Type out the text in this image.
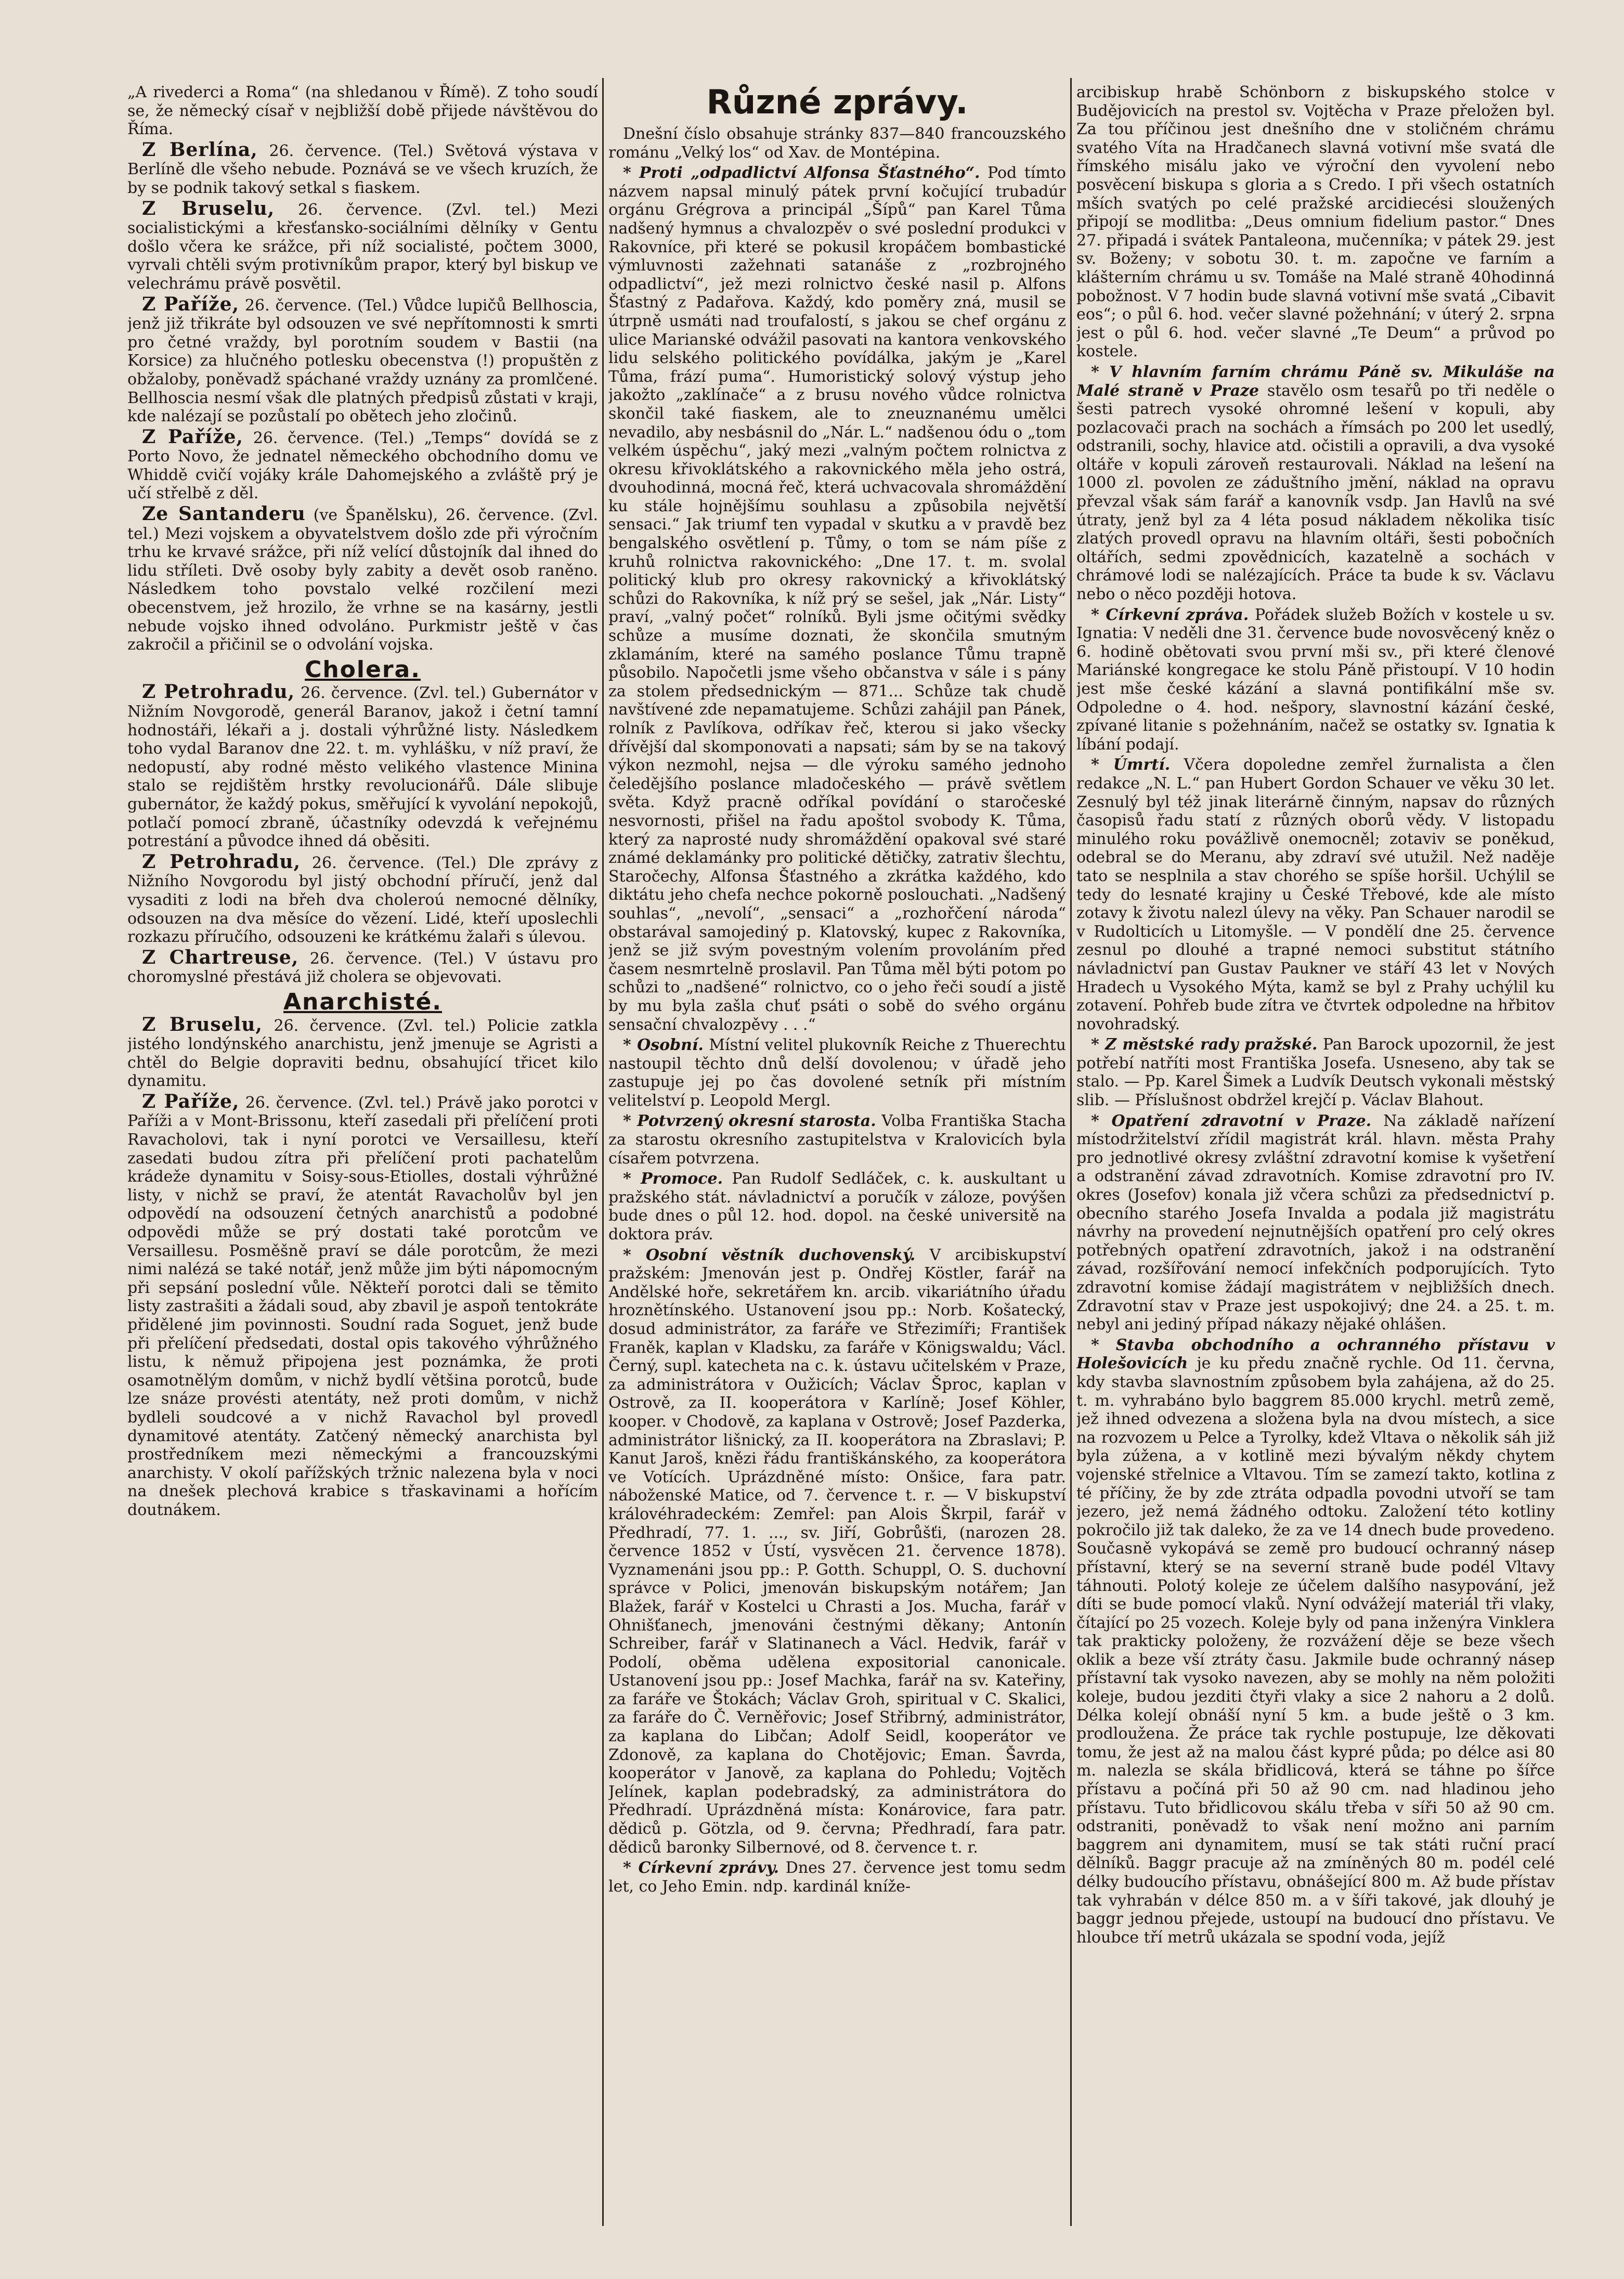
„A rivederci a Roma“ (na shledanou v Římě). Z toho soudí se, že německý císař v nejbližší době přijede návštěvou do Říma.

Z Berlína, 26. července. (Tel.) Světová výstava v Berlíně dle všeho nebude. Poznává se ve všech kruzích, že by se podnik takový setkal s fiaskem.

Z Bruselu, 26. července. (Zvl. tel.) Mezi socialistickými a křesťansko-sociálními dělníky v Gentu došlo včera ke srážce, při níž socialisté, počtem 3000, vyrvali chtěli svým protivníkům prapor, který byl biskup ve velechrámu právě posvětil.

Z Paříže, 26. července. (Tel.) Vůdce lupičů Bellhoscia, jenž již třikráte byl odsouzen ve své nepřítomnosti k smrti pro četné vraždy, byl porotním soudem v Bastii (na Korsice) za hlučného potlesku obecenstva (!) propuštěn z obžaloby, poněvadž spáchané vraždy uznány za promlčené. Bellhoscia nesmí však dle platných předpisů zůstati v kraji, kde nalézají se pozůstalí po obětech jeho zločinů.

Z Paříže, 26. července. (Tel.) „Temps“ dovídá se z Porto Novo, že jednatel německého obchodního domu ve Whiddě cvičí vojáky krále Dahomejského a zvláště prý je učí střelbě z děl.

Ze Santanderu (ve Španělsku), 26. července. (Zvl. tel.) Mezi vojskem a obyvatelstvem došlo zde při výročním trhu ke krvavé srážce, při níž velící důstojník dal ihned do lidu stříleti. Dvě osoby byly zabity a devět osob raněno. Následkem toho povstalo velké rozčilení mezi obecenstvem, jež hrozilo, že vrhne se na kasárny, jestli nebude vojsko ihned odvoláno. Purkmistr ještě v čas zakročil a přičinil se o odvolání vojska.

Cholera.

Z Petrohradu, 26. července. (Zvl. tel.) Gubernátor v Nižním Novgorodě, generál Baranov, jakož i četní tamní hodnostáři, lékaři a j. dostali výhrůžné listy. Následkem toho vydal Baranov dne 22. t. m. vyhlášku, v níž praví, že nedopustí, aby rodné město velikého vlastence Minina stalo se rejdištěm hrstky revolucionářů. Dále slibuje gubernátor, že každý pokus, směřující k vyvolání nepokojů, potlačí pomocí zbraně, účastníky odevzdá k veřejnému potrestání a původce ihned dá oběsiti.

Z Petrohradu, 26. července. (Tel.) Dle zprávy z Nižního Novgorodu byl jistý obchodní příručí, jenž dal vysaditi z lodi na břeh dva choleroú nemocné dělníky, odsouzen na dva měsíce do vězení. Lidé, kteří uposlechli rozkazu příručího, odsouzeni ke krátkému žalaři s úlevou.

Z Chartreuse, 26. července. (Tel.) V ústavu pro choromyslné přestává již cholera se objevovati.

Anarchisté.

Z Bruselu, 26. července. (Zvl. tel.) Policie zatkla jistého londýnského anarchistu, jenž jmenuje se Agristi a chtěl do Belgie dopraviti bednu, obsahující třicet kilo dynamitu.

Z Paříže, 26. července. (Zvl. tel.) Právě jako porotci v Paříži a v Mont-Brissonu, kteří zasedali při přelíčení proti Ravacholovi, tak i nyní porotci ve Versaillesu, kteří zasedati budou zítra při přelíčení proti pachatelům krádeže dynamitu v Soisy-sous-Etiolles, dostali výhrůžné listy, v nichž se praví, že atentát Ravacholův byl jen odpovědí na odsouzení četných anarchistů a podobné odpovědi může se prý dostati také porotcům ve Versaillesu. Posměšně praví se dále porotcům, že mezi nimi nalézá se také notář, jenž může jim býti nápomocným při sepsání poslední vůle. Někteří porotci dali se těmito listy zastrašiti a žádali soud, aby zbavil je aspoň tentokráte přidělené jim povinnosti. Soudní rada Soguet, jenž bude při přelíčení předsedati, dostal opis takového výhrůžného listu, k němuž připojena jest poznámka, že proti osamotnělým domům, v nichž bydlí většina porotců, bude lze snáze provésti atentáty, než proti domům, v nichž bydleli soudcové a v nichž Ravachol byl provedl dynamitové atentáty. Zatčený německý anarchista byl prostředníkem mezi německými a francouzskými anarchisty. V okolí pařížských tržnic nalezena byla v noci na dnešek plechová krabice s třaskavinami a hořícím doutnákem.

Různé zprávy.

Dnešní číslo obsahuje stránky 837—840 francouzského románu „Velký los“ od Xav. de Montépina.

* Proti „odpadlictví Alfonsa Šťastného“. Pod tímto názvem napsal minulý pátek první kočující trubadúr orgánu Grégrova a principál „Šípů“ pan Karel Tůma nadšený hymnus a chvalozpěv o své poslední produkci v Rakovníce, při které se pokusil kropáčem bombastické výmluvnosti zažehnati satanáše z „rozbrojného odpadlictví“, jež mezi rolnictvo české nasil p. Alfons Šťastný z Padařova. Každý, kdo poměry zná, musil se útrpně usmáti nad troufalostí, s jakou se chef orgánu z ulice Marianské odvážil pasovati na kantora venkovského lidu selského politického povídálka, jakým je „Karel Tůma, frází puma“. Humoristický solový výstup jeho jakožto „zaklínače“ a z brusu nového vůdce rolnictva skončil také fiaskem, ale to zneuznanému umělci nevadilo, aby nesbásnil do „Nár. L.“ nadšenou ódu o „tom velkém úspěchu“, jaký mezi „valným počtem rolnictva z okresu křivoklátského a rakovnického měla jeho ostrá, dvouhodinná, mocná řeč, která uchvacovala shromáždění ku stále hojnějšímu souhlasu a způsobila největší sensaci.“ Jak triumf ten vypadal v skutku a v pravdě bez bengalského osvětlení p. Tůmy, o tom se nám píše z kruhů rolnictva rakovnického: „Dne 17. t. m. svolal politický klub pro okresy rakovnický a křivoklátský schůzi do Rakovníka, k níž prý se sešel, jak „Nár. Listy“ praví, „valný počet“ rolníků. Byli jsme očitými svědky schůze a musíme doznati, že skončila smutným zklamáním, které na samého poslance Tůmu trapně působilo. Napočetli jsme všeho občanstva v sále i s pány za stolem předsednickým — 871... Schůze tak chudě navštívené zde nepamatujeme. Schůzi zahájil pan Pánek, rolník z Pavlíkova, odříkav řeč, kterou si jako všecky dřívější dal skomponovati a napsati; sám by se na takový výkon nezmohl, nejsa — dle výroku samého jednoho čeledějšího poslance mladočeského — právě světlem světa. Když pracně odříkal povídání o staročeské nesvornosti, přišel na řadu apoštol svobody K. Tůma, který za naprosté nudy shromáždění opakoval své staré známé deklamánky pro politické dětičky, zatrativ šlechtu, Staročechy, Alfonsa Šťastného a zkrátka každého, kdo diktátu jeho chefa nechce pokorně poslouchati. „Nadšený souhlas“, „nevolí“, „sensaci“ a „rozhořčení národa“ obstarával samojediný p. Klatovský, kupec z Rakovníka, jenž se již svým povestným volením provoláním před časem nesmrtelně proslavil. Pan Tůma měl býti potom po schůzi to „nadšené“ rolnictvo, co o jeho řeči soudí a jistě by mu byla zašla chuť psáti o sobě do svého orgánu sensační chvalozpěvy . . .“

* Osobní. Místní velitel plukovník Reiche z Thuerechtu nastoupil těchto dnů delší dovolenou; v úřadě jeho zastupuje jej po čas dovolené setník při místním velitelství p. Leopold Mergl.

* Potvrzený okresní starosta. Volba Františka Stacha za starostu okresního zastupitelstva v Kralovicích byla císařem potvrzena.

* Promoce. Pan Rudolf Sedláček, c. k. auskultant u pražského stát. návladnictví a poručík v záloze, povýšen bude dnes o půl 12. hod. dopol. na české universitě na doktora práv.

* Osobní věstník duchovenský. V arcibiskupství pražském: Jmenován jest p. Ondřej Köstler, farář na Andělské hoře, sekretářem kn. arcib. vikariátního úřadu hroznětínského. Ustanovení jsou pp.: Norb. Košatecký, dosud administrátor, za faráře ve Střezimíři; František Franěk, kaplan v Kladsku, za faráře v Königswaldu; Václ. Černý, supl. katecheta na c. k. ústavu učitelském v Praze, za administrátora v Oužicích; Václav Šproc, kaplan v Ostrově, za II. kooperátora v Karlíně; Josef Köhler, kooper. v Chodově, za kaplana v Ostrově; Josef Pazderka, administrátor lišnický, za II. kooperátora na Zbraslavi; P. Kanut Jaroš, knězi řádu františkánského, za kooperátora ve Votících. Uprázdněné místo: Onšice, fara patr. náboženské Matice, od 7. července t. r. — V biskupství královéhradeckém: Zemřel: pan Alois Škrpil, farář v Předhradí, 77. 1. ..., sv. Jiří, Gobrůšťi, (narozen 28. července 1852 v Ústí, vysvěcen 21. července 1878). Vyznamenáni jsou pp.: P. Gotth. Schuppl, O. S. duchovní správce v Polici, jmenován biskupským notářem; Jan Blažek, farář v Kostelci u Chrasti a Jos. Mucha, farář v Ohnišťanech, jmenováni čestnými děkany; Antonín Schreiber, farář v Slatinanech a Václ. Hedvik, farář v Podolí, oběma udělena expositorial canonicale. Ustanovení jsou pp.: Josef Machka, farář na sv. Kateřiny, za faráře ve Štokách; Václav Groh, spiritual v C. Skalici, za faráře do Č. Verněřovic; Josef Střibrný, administrátor, za kaplana do Libčan; Adolf Seidl, kooperátor ve Zdonově, za kaplana do Chotějovic; Eman. Šavrda, kooperátor v Janově, za kaplana do Pohledu; Vojtěch Jelínek, kaplan podebradský, za administrátora do Předhradí. Uprázdněná místa: Konárovice, fara patr. dědiců p. Götzla, od 9. června; Předhradí, fara patr. dědiců baronky Silbernové, od 8. července t. r.

* Církevní zprávy. Dnes 27. července jest tomu sedm let, co Jeho Emin. ndp. kardinál kníže-

arcibiskup hrabě Schönborn z biskupského stolce v Budějovicích na prestol sv. Vojtěcha v Praze přeložen byl. Za tou příčinou jest dnešního dne v stoličném chrámu svatého Víta na Hradčanech slavná votivní mše svatá dle římského misálu jako ve výroční den vyvolení nebo posvěcení biskupa s gloria a s Credo. I při všech ostatních mších svatých po celé pražské arcidiecési sloužených připojí se modlitba: „Deus omnium fidelium pastor.“ Dnes 27. připadá i svátek Pantaleona, mučenníka; v pátek 29. jest sv. Boženy; v sobotu 30. t. m. započne ve farním a klášterním chrámu u sv. Tomáše na Malé straně 40hodinná pobožnost. V 7 hodin bude slavná votivní mše svatá „Cibavit eos“; o půl 6. hod. večer slavné požehnání; v úterý 2. srpna jest o půl 6. hod. večer slavné „Te Deum“ a průvod po kostele.

* V hlavním farním chrámu Páně sv. Mikuláše na Malé straně v Praze stavělo osm tesařů po tři neděle o šesti patrech vysoké ohromné lešení v kopuli, aby pozlacovači prach na sochách a římsách po 200 let usedlý, odstranili, sochy, hlavice atd. očistili a opravili, a dva vysoké oltáře v kopuli zároveň restaurovali. Náklad na lešení na 1000 zl. povolen ze záduštního jmění, náklad na opravu převzal však sám farář a kanovník vsdp. Jan Havlů na své útraty, jenž byl za 4 léta posud nákladem několika tisíc zlatých provedl opravu na hlavním oltáři, šesti pobočních oltářích, sedmi zpovědnicích, kazatelně a sochách v chrámové lodi se nalézajících. Práce ta bude k sv. Václavu nebo o něco později hotova.

* Církevní zpráva. Pořádek služeb Božích v kostele u sv. Ignatia: V neděli dne 31. července bude novosvěcený kněz o 6. hodině obětovati svou první mši sv., při které členové Mariánské kongregace ke stolu Páně přistoupí. V 10 hodin jest mše české kázání a slavná pontifikální mše sv. Odpoledne o 4. hod. nešpory, slavnostní kázání české, zpívané litanie s požehnáním, načež se ostatky sv. Ignatia k líbání podají.

* Úmrtí. Včera dopoledne zemřel žurnalista a člen redakce „N. L.“ pan Hubert Gordon Schauer ve věku 30 let. Zesnulý byl též jinak literárně činným, napsav do různých časopisů řadu statí z různých oborů vědy. V listopadu minulého roku povážlivě onemocněl; zotaviv se poněkud, odebral se do Meranu, aby zdraví své utužil. Než naděje tato se nesplnila a stav chorého se spíše horšil. Uchýlil se tedy do lesnaté krajiny u České Třebové, kde ale místo zotavy k životu nalezl úlevy na věky. Pan Schauer narodil se v Rudolticích u Litomyšle. — V pondělí dne 25. července zesnul po dlouhé a trapné nemoci substitut státního návladnictví pan Gustav Paukner ve stáří 43 let v Nových Hradech u Vysokého Mýta, kamž se byl z Prahy uchýlil ku zotavení. Pohřeb bude zítra ve čtvrtek odpoledne na hřbitov novohradský.

* Z městské rady pražské. Pan Barock upozornil, že jest potřebí natříti most Františka Josefa. Usneseno, aby tak se stalo. — Pp. Karel Šimek a Ludvík Deutsch vykonali městský slib. — Příslušnost obdržel krejčí p. Václav Blahout.

* Opatření zdravotní v Praze. Na základě nařízení místodržitelství zřídil magistrát král. hlavn. města Prahy pro jednotlivé okresy zvláštní zdravotní komise k vyšetření a odstranění závad zdravotních. Komise zdravotní pro IV. okres (Josefov) konala již včera schůzi za předsednictví p. obecního starého Josefa Invalda a podala již magistrátu návrhy na provedení nejnutnějších opatření pro celý okres potřebných opatření zdravotních, jakož i na odstranění závad, rozšířování nemocí infekčních podporujících. Tyto zdravotní komise žádají magistrátem v nejbližších dnech. Zdravotní stav v Praze jest uspokojivý; dne 24. a 25. t. m. nebyl ani jediný případ nákazy nějaké ohlášen.

* Stavba obchodního a ochranného přístavu v Holešovicích je ku předu značně rychle. Od 11. června, kdy stavba slavnostním způsobem byla zahájena, až do 25. t. m. vyhrabáno bylo baggrem 85.000 krychl. metrů země, jež ihned odvezena a složena byla na dvou místech, a sice na rozvozem u Pelce a Tyrolky, kdež Vltava o několik sáh již byla zúžena, a v kotlině mezi bývalým někdy chytem vojenské střelnice a Vltavou. Tím se zamezí takto, kotlina z té příčiny, že by zde ztráta odpadla povodni utvoří se tam jezero, jež nemá žádného odtoku. Založení této kotliny pokročilo již tak daleko, že za ve 14 dnech bude provedeno. Současně vykopává se země pro budoucí ochranný násep přístavní, který se na severní straně bude podél Vltavy táhnouti. Polotý koleje ze účelem dalšího nasypování, jež díti se bude pomocí vlaků. Nyní odvážejí materiál tři vlaky, čítající po 25 vozech. Koleje byly od pana inženýra Vinklera tak prakticky položeny, že rozvážení děje se beze všech oklik a beze vší ztráty času. Jakmile bude ochranný násep přístavní tak vysoko navezen, aby se mohly na něm položiti koleje, budou jezditi čtyři vlaky a sice 2 nahoru a 2 dolů. Délka kolejí obnáší nyní 5 km. a bude ještě o 3 km. prodloužena. Že práce tak rychle postupuje, lze děkovati tomu, že jest až na malou část kypré půda; po délce asi 80 m. nalezla se skála břidlicová, která se táhne po šířce přístavu a počíná při 50 až 90 cm. nad hladinou jeho přístavu. Tuto břidlicovou skálu třeba v síři 50 až 90 cm. odstraniti, poněvadž to však není možno ani parním baggrem ani dynamitem, musí se tak státi ruční prací dělníků. Baggr pracuje až na zmíněných 80 m. podél celé délky budoucího přístavu, obnášející 800 m. Až bude přístav tak vyhrabán v délce 850 m. a v šíři takové, jak dlouhý je baggr jednou přejede, ustoupí na budoucí dno přístavu. Ve hloubce tří metrů ukázala se spodní voda, jejíž
